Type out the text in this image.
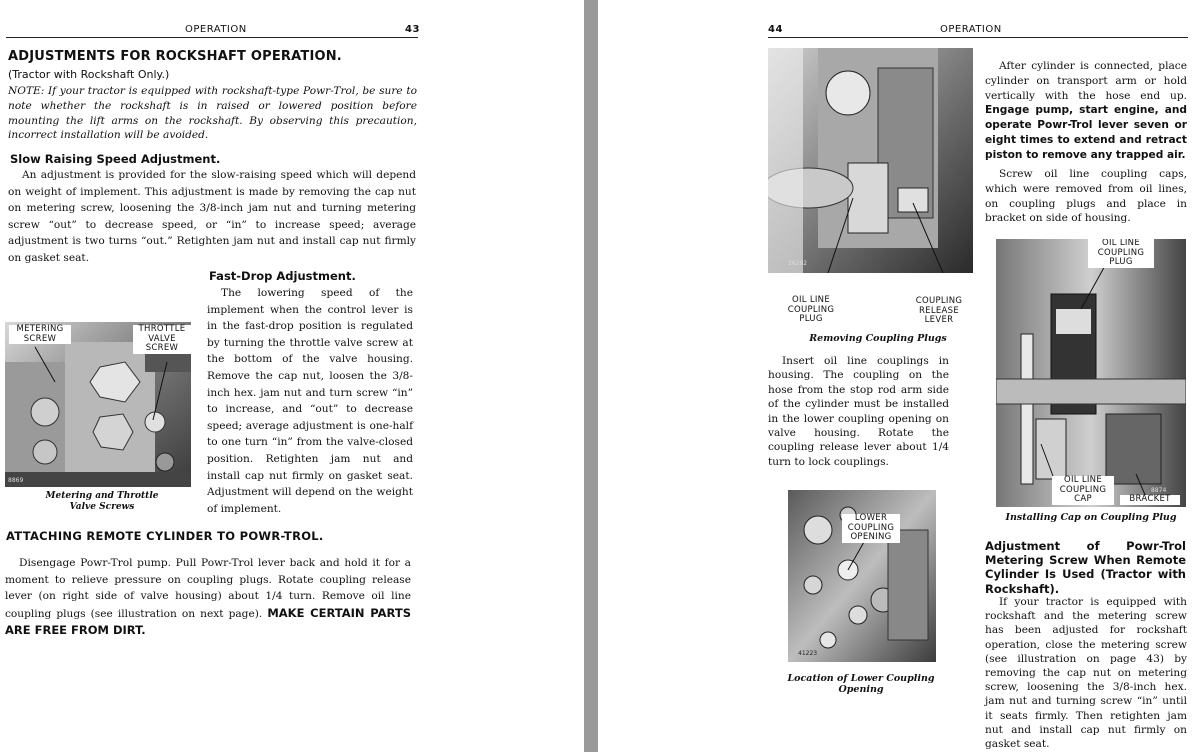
OPERATION	43
ADJUSTMENTS FOR ROCKSHAFT OPERATION.
(Tractor with Rockshaft Only.)
NOTE: If your tractor is equipped with rockshaft-type Powr-Trol, be sure to note whether the rockshaft is in raised or lowered position before mounting the lift arms on the rockshaft. By observing this precaution, incorrect installation will be avoided.
Slow Raising Speed Adjustment.
An adjustment is provided for the slow-raising speed which will depend on weight of implement. This adjustment is made by removing the cap nut on metering screw, loosening the 3/8-inch jam nut and turning metering screw “out” to decrease speed, or “in” to increase speed; average adjustment is two turns “out.” Retighten jam nut and install cap nut firmly on gasket seat.
Fast-Drop Adjustment.
The lowering speed of the implement when the control lever is in the fast-drop position is regulated by turning the throttle valve screw at the bottom of the valve housing. Remove the cap nut, loosen the 3/8-inch hex. jam nut and turn screw “in” to increase, and “out” to decrease speed; average adjustment is one-half to one turn “in” from the valve-closed position. Retighten jam nut and install cap nut firmly on gasket seat. Adjustment will depend on the weight of implement.
METERING SCREW
THROTTLE VALVE SCREW
8869
Metering and Throttle Valve Screws
ATTACHING REMOTE CYLINDER TO POWR-TROL.
Disengage Powr-Trol pump. Pull Powr-Trol lever back and hold it for a moment to relieve pressure on coupling plugs. Rotate coupling release lever (on right side of valve housing) about 1/4 turn. Remove oil line coupling plugs (see illustration on next page). MAKE CERTAIN PARTS ARE FREE FROM DIRT.
44	OPERATION
26292
OIL LINE COUPLING PLUG
COUPLING RELEASE LEVER
Removing Coupling Plugs
Insert oil line couplings in housing. The coupling on the hose from the stop rod arm side of the cylinder must be installed in the lower coupling opening on valve housing. Rotate the coupling release lever about 1/4 turn to lock couplings.
LOWER COUPLING OPENING
41223
Location of Lower Coupling Opening
After cylinder is connected, place cylinder on transport arm or hold vertically with the hose end up. Engage pump, start engine, and operate Powr-Trol lever seven or eight times to extend and retract piston to remove any trapped air.
Screw oil line coupling caps, which were removed from oil lines, on coupling plugs and place in bracket on side of housing.
OIL LINE COUPLING PLUG
OIL LINE COUPLING CAP	BRACKET
8874
Installing Cap on Coupling Plug
Adjustment of Powr-Trol Metering Screw When Remote Cylinder Is Used (Tractor with Rockshaft).
If your tractor is equipped with rockshaft and the metering screw has been adjusted for rockshaft operation, close the metering screw (see illustration on page 43) by removing the cap nut on metering screw, loosening the 3/8-inch hex. jam nut and turning screw “in” until it seats firmly. Then retighten jam nut and install cap nut firmly on gasket seat.
